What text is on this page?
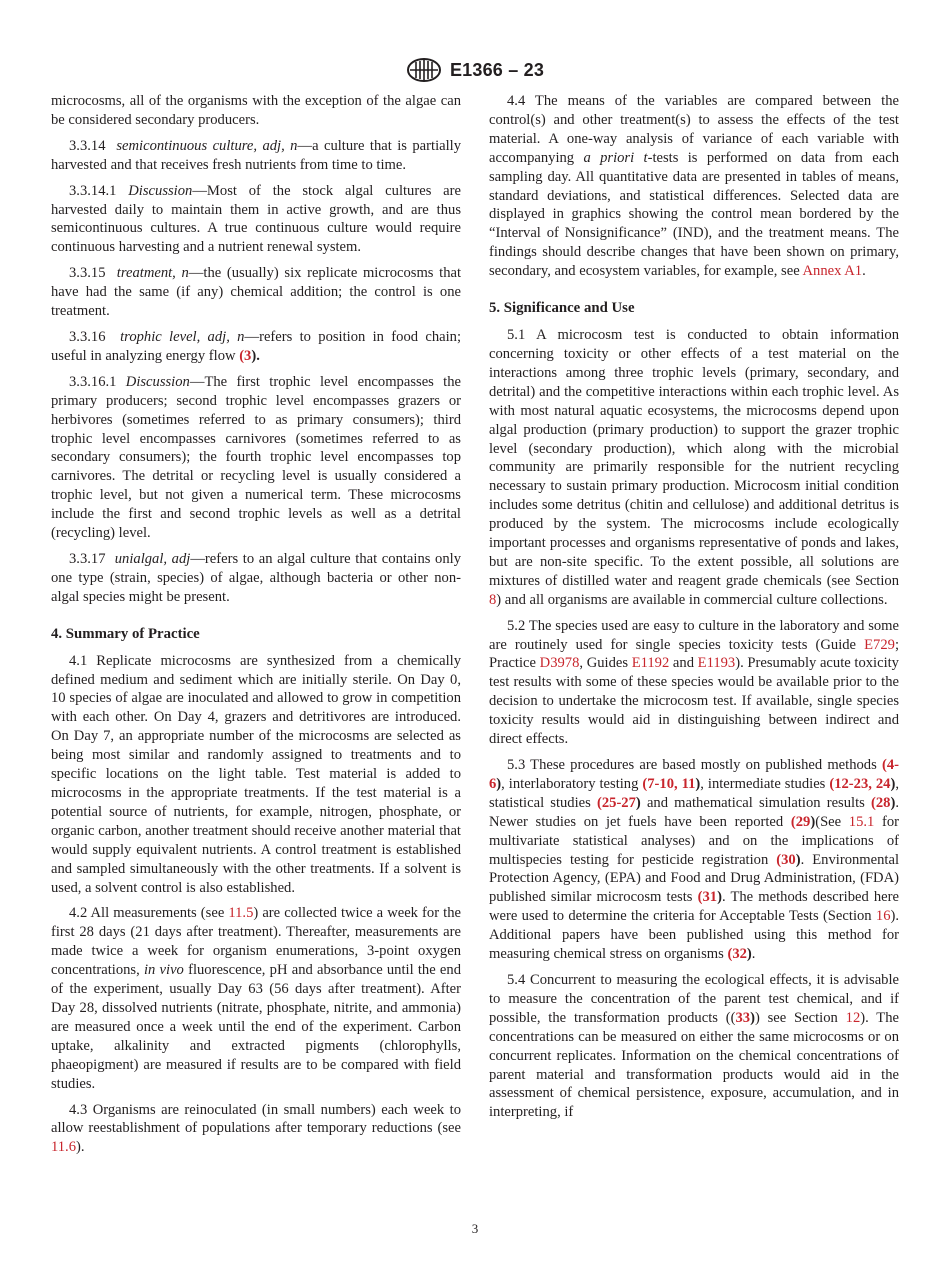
E1366 – 23

microcosms, all of the organisms with the exception of the algae can be considered secondary producers.

3.3.14 semicontinuous culture, adj, n—a culture that is partially harvested and that receives fresh nutrients from time to time.

3.3.14.1 Discussion—Most of the stock algal cultures are harvested daily to maintain them in active growth, and are thus semicontinuous cultures. A true continuous culture would require continuous harvesting and a nutrient renewal system.

3.3.15 treatment, n—the (usually) six replicate microcosms that have had the same (if any) chemical addition; the control is one treatment.

3.3.16 trophic level, adj, n—refers to position in food chain; useful in analyzing energy flow (3).

3.3.16.1 Discussion—The first trophic level encompasses the primary producers; second trophic level encompasses grazers or herbivores (sometimes referred to as primary consumers); third trophic level encompasses carnivores (sometimes referred to as secondary consumers); the fourth trophic level encompasses top carnivores. The detrital or recycling level is usually considered a trophic level, but not given a numerical term. These microcosms include the first and second trophic levels as well as a detrital (recycling) level.

3.3.17 unialgal, adj—refers to an algal culture that contains only one type (strain, species) of algae, although bacteria or other non-algal species might be present.

4. Summary of Practice

4.1 Replicate microcosms are synthesized from a chemically defined medium and sediment which are initially sterile. On Day 0, 10 species of algae are inoculated and allowed to grow in competition with each other. On Day 4, grazers and detritivores are introduced. On Day 7, an appropriate number of the microcosms are selected as being most similar and randomly assigned to treatments and to specific locations on the light table. Test material is added to microcosms in the appropriate treatments. If the test material is a potential source of nutrients, for example, nitrogen, phosphate, or organic carbon, another treatment should receive another material that would supply equivalent nutrients. A control treatment is established and sampled simultaneously with the other treatments. If a solvent is used, a solvent control is also established.

4.2 All measurements (see 11.5) are collected twice a week for the first 28 days (21 days after treatment). Thereafter, measurements are made twice a week for organism enumerations, 3-point oxygen concentrations, in vivo fluorescence, pH and absorbance until the end of the experiment, usually Day 63 (56 days after treatment). After Day 28, dissolved nutrients (nitrate, phosphate, nitrite, and ammonia) are measured once a week until the end of the experiment. Carbon uptake, alkalinity and extracted pigments (chlorophylls, phaeopigment) are measured if results are to be compared with field studies.

4.3 Organisms are reinoculated (in small numbers) each week to allow reestablishment of populations after temporary reductions (see 11.6).

4.4 The means of the variables are compared between the control(s) and other treatment(s) to assess the effects of the test material. A one-way analysis of variance of each variable with accompanying a priori t-tests is performed on data from each sampling day. All quantitative data are presented in tables of means, standard deviations, and statistical differences. Selected data are displayed in graphics showing the control mean bordered by the “Interval of Nonsignificance” (IND), and the treatment means. The findings should describe changes that have been shown on primary, secondary, and ecosystem variables, for example, see Annex A1.

5. Significance and Use

5.1 A microcosm test is conducted to obtain information concerning toxicity or other effects of a test material on the interactions among three trophic levels (primary, secondary, and detrital) and the competitive interactions within each trophic level. As with most natural aquatic ecosystems, the microcosms depend upon algal production (primary production) to support the grazer trophic level (secondary production), which along with the microbial community are primarily responsible for the nutrient recycling necessary to sustain primary production. Microcosm initial condition includes some detritus (chitin and cellulose) and additional detritus is produced by the system. The microcosms include ecologically important processes and organisms representative of ponds and lakes, but are non-site specific. To the extent possible, all solutions are mixtures of distilled water and reagent grade chemicals (see Section 8) and all organisms are available in commercial culture collections.

5.2 The species used are easy to culture in the laboratory and some are routinely used for single species toxicity tests (Guide E729; Practice D3978, Guides E1192 and E1193). Presumably acute toxicity test results with some of these species would be available prior to the decision to undertake the microcosm test. If available, single species toxicity results would aid in distinguishing between indirect and direct effects.

5.3 These procedures are based mostly on published methods (4-6), interlaboratory testing (7-10, 11), intermediate studies (12-23, 24), statistical studies (25-27) and mathematical simulation results (28). Newer studies on jet fuels have been reported (29)(See 15.1 for multivariate statistical analyses) and on the implications of multispecies testing for pesticide registration (30). Environmental Protection Agency, (EPA) and Food and Drug Administration, (FDA) published similar microcosm tests (31). The methods described here were used to determine the criteria for Acceptable Tests (Section 16). Additional papers have been published using this method for measuring chemical stress on organisms (32).

5.4 Concurrent to measuring the ecological effects, it is advisable to measure the concentration of the parent test chemical, and if possible, the transformation products ((33)) see Section 12). The concentrations can be measured on either the same microcosms or on concurrent replicates. Information on the chemical concentrations of parent material and transformation products would aid in the assessment of chemical persistence, exposure, accumulation, and in interpreting, if

3
